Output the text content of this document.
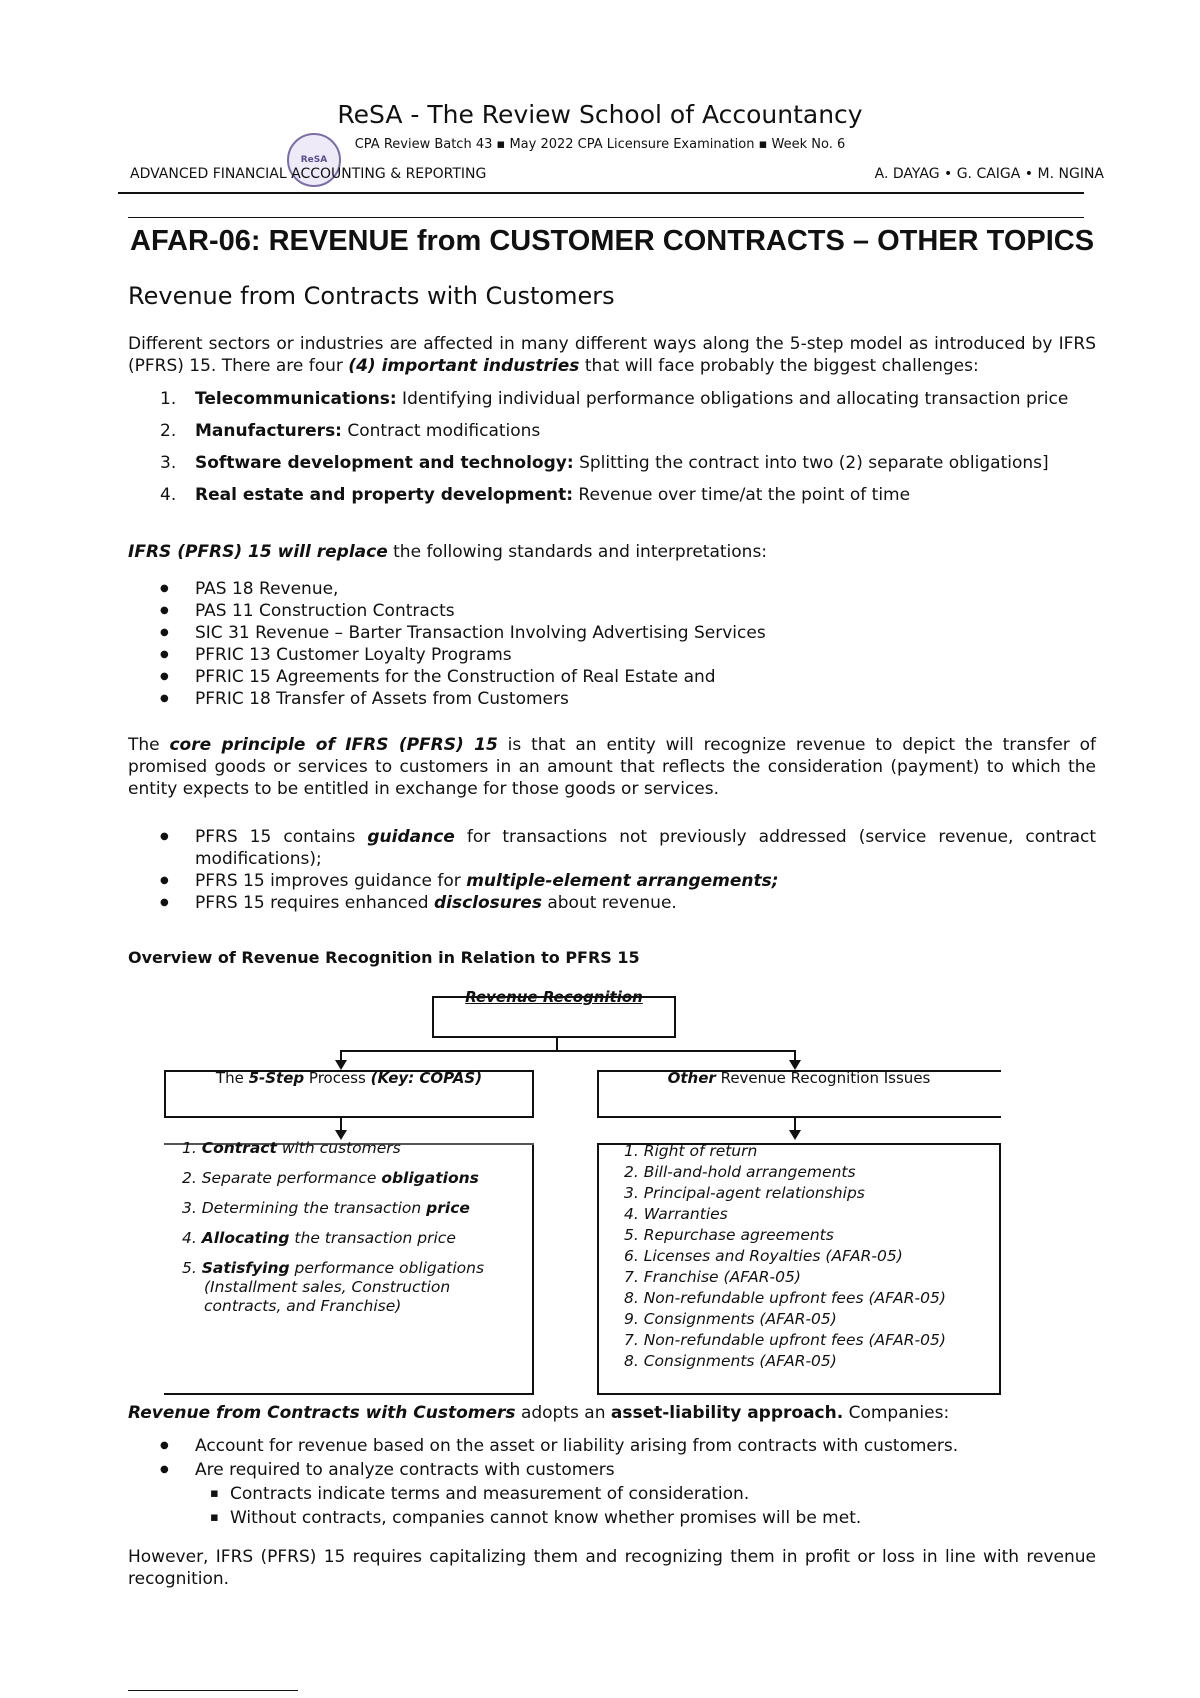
ReSA
ReSA - The Review School of Accountancy
CPA Review Batch 43 ▪ May 2022 CPA Licensure Examination ▪ Week No. 6
ADVANCED FINANCIAL ACCOUNTING & REPORTING	A. DAYAG • G. CAIGA • M. NGINA
AFAR-06: REVENUE from CUSTOMER CONTRACTS – OTHER TOPICS
Revenue from Contracts with Customers
Different sectors or industries are affected in many different ways along the 5-step model as introduced by IFRS (PFRS) 15. There are four (4) important industries that will face probably the biggest challenges:
1. Telecommunications: Identifying individual performance obligations and allocating transaction price
2. Manufacturers: Contract modifications
3. Software development and technology: Splitting the contract into two (2) separate obligations]
4. Real estate and property development: Revenue over time/at the point of time
IFRS (PFRS) 15 will replace the following standards and interpretations:
● PAS 18 Revenue,
● PAS 11 Construction Contracts
● SIC 31 Revenue – Barter Transaction Involving Advertising Services
● PFRIC 13 Customer Loyalty Programs
● PFRIC 15 Agreements for the Construction of Real Estate and
● PFRIC 18 Transfer of Assets from Customers
The core principle of IFRS (PFRS) 15 is that an entity will recognize revenue to depict the transfer of promised goods or services to customers in an amount that reflects the consideration (payment) to which the entity expects to be entitled in exchange for those goods or services.
● PFRS 15 contains guidance for transactions not previously addressed (service revenue, contract modifications);
● PFRS 15 improves guidance for multiple-element arrangements;
● PFRS 15 requires enhanced disclosures about revenue.
Overview of Revenue Recognition in Relation to PFRS 15
Revenue Recognition
The 5-Step Process (Key: COPAS)	Other Revenue Recognition Issues
1. Contract with customers
2. Separate performance obligations
3. Determining the transaction price
4. Allocating the transaction price
5. Satisfying performance obligations
(Installment sales, Construction
contracts, and Franchise)
1. Right of return
2. Bill-and-hold arrangements
3. Principal-agent relationships
4. Warranties
5. Repurchase agreements
6. Licenses and Royalties (AFAR-05)
7. Franchise (AFAR-05)
8. Non-refundable upfront fees (AFAR-05)
9. Consignments (AFAR-05)
7. Non-refundable upfront fees (AFAR-05)
8. Consignments (AFAR-05)
Revenue from Contracts with Customers adopts an asset-liability approach. Companies:
● Account for revenue based on the asset or liability arising from contracts with customers.
● Are required to analyze contracts with customers
▪ Contracts indicate terms and measurement of consideration.
▪ Without contracts, companies cannot know whether promises will be met.
However, IFRS (PFRS) 15 requires capitalizing them and recognizing them in profit or loss in line with revenue recognition.
